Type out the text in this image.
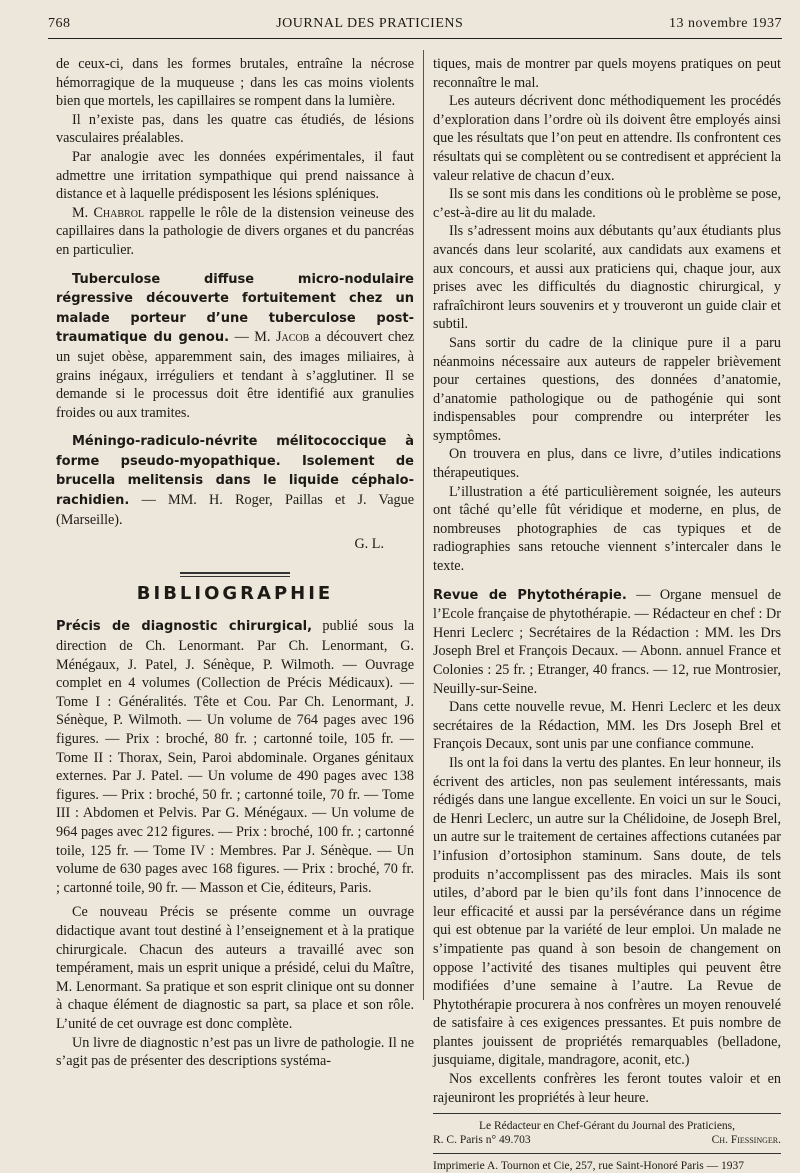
768	JOURNAL DES PRATICIENS	13 novembre 1937

de ceux-ci, dans les formes brutales, entraîne la nécrose hémorragique de la muqueuse ; dans les cas moins violents bien que mortels, les capillaires se rompent dans la lumière.

Il n’existe pas, dans les quatre cas étudiés, de lésions vasculaires préalables.

Par analogie avec les données expérimentales, il faut admettre une irritation sympathique qui prend naissance à distance et à laquelle prédisposent les lésions spléniques.

M. Chabrol rappelle le rôle de la distension veineuse des capillaires dans la pathologie de divers organes et du pancréas en particulier.

Tuberculose diffuse micro-nodulaire régressive découverte fortuitement chez un malade porteur d’une tuberculose post-traumatique du genou. — M. Jacob a découvert chez un sujet obèse, apparemment sain, des images miliaires, à grains inégaux, irréguliers et tendant à s’agglutiner. Il se demande si le processus doit être identifié aux granulies froides ou aux tramites.

Méningo-radiculo-névrite mélitococcique à forme pseudo-myopathique. Isolement de brucella melitensis dans le liquide céphalo-rachidien. — MM. H. Roger, Paillas et J. Vague (Marseille).

G. L.

BIBLIOGRAPHIE

Précis de diagnostic chirurgical, publié sous la direction de Ch. Lenormant. Par Ch. Lenormant, G. Ménégaux, J. Patel, J. Sénèque, P. Wilmoth. — Ouvrage complet en 4 volumes (Collection de Précis Médicaux). — Tome I : Généralités. Tête et Cou. Par Ch. Lenormant, J. Sénèque, P. Wilmoth. — Un volume de 764 pages avec 196 figures. — Prix : broché, 80 fr. ; cartonné toile, 105 fr. — Tome II : Thorax, Sein, Paroi abdominale. Organes génitaux externes. Par J. Patel. — Un volume de 490 pages avec 138 figures. — Prix : broché, 50 fr. ; cartonné toile, 70 fr. — Tome III : Abdomen et Pelvis. Par G. Ménégaux. — Un volume de 964 pages avec 212 figures. — Prix : broché, 100 fr. ; cartonné toile, 125 fr. — Tome IV : Membres. Par J. Sénèque. — Un volume de 630 pages avec 168 figures. — Prix : broché, 70 fr. ; cartonné toile, 90 fr. — Masson et Cie, éditeurs, Paris.

Ce nouveau Précis se présente comme un ouvrage didactique avant tout destiné à l’enseignement et à la pratique chirurgicale. Chacun des auteurs a travaillé avec son tempérament, mais un esprit unique a présidé, celui du Maître, M. Lenormant. Sa pratique et son esprit clinique ont su donner à chaque élément de diagnostic sa part, sa place et son rôle. L’unité de cet ouvrage est donc complète.

Un livre de diagnostic n’est pas un livre de pathologie. Il ne s’agit pas de présenter des descriptions systéma-

tiques, mais de montrer par quels moyens pratiques on peut reconnaître le mal.

Les auteurs décrivent donc méthodiquement les procédés d’exploration dans l’ordre où ils doivent être employés ainsi que les résultats que l’on peut en attendre. Ils confrontent ces résultats qui se complètent ou se contredisent et apprécient la valeur relative de chacun d’eux.

Ils se sont mis dans les conditions où le problème se pose, c’est-à-dire au lit du malade.

Ils s’adressent moins aux débutants qu’aux étudiants plus avancés dans leur scolarité, aux candidats aux examens et aux concours, et aussi aux praticiens qui, chaque jour, aux prises avec les difficultés du diagnostic chirurgical, y rafraîchiront leurs souvenirs et y trouveront un guide clair et subtil.

Sans sortir du cadre de la clinique pure il a paru néanmoins nécessaire aux auteurs de rappeler brièvement pour certaines questions, des données d’anatomie, d’anatomie pathologique ou de pathogénie qui sont indispensables pour comprendre ou interpréter les symptômes.

On trouvera en plus, dans ce livre, d’utiles indications thérapeutiques.

L’illustration a été particulièrement soignée, les auteurs ont tâché qu’elle fût véridique et moderne, en plus, de nombreuses photographies de cas typiques et de radiographies sans retouche viennent s’intercaler dans le texte.

Revue de Phytothérapie. — Organe mensuel de l’Ecole française de phytothérapie. — Rédacteur en chef : Dr Henri Leclerc ; Secrétaires de la Rédaction : MM. les Drs Joseph Brel et François Decaux. — Abonn. annuel France et Colonies : 25 fr. ; Etranger, 40 francs. — 12, rue Montrosier, Neuilly-sur-Seine.

Dans cette nouvelle revue, M. Henri Leclerc et les deux secrétaires de la Rédaction, MM. les Drs Joseph Brel et François Decaux, sont unis par une confiance commune.

Ils ont la foi dans la vertu des plantes. En leur honneur, ils écrivent des articles, non pas seulement intéressants, mais rédigés dans une langue excellente. En voici un sur le Souci, de Henri Leclerc, un autre sur la Chélidoine, de Joseph Brel, un autre sur le traitement de certaines affections cutanées par l’infusion d’ortosiphon staminum. Sans doute, de tels produits n’accomplissent pas des miracles. Mais ils sont utiles, d’abord par le bien qu’ils font dans l’innocence de leur efficacité et aussi par la persévérance dans un régime qui est obtenue par la variété de leur emploi. Un malade ne s’impatiente pas quand à son besoin de changement on oppose l’activité des tisanes multiples qui peuvent être modifiées d’une semaine à l’autre. La Revue de Phytothérapie procurera à nos confrères un moyen renouvelé de satisfaire à ces exigences pressantes. Et puis nombre de plantes jouissent de propriétés remarquables (belladone, jusquiame, digitale, mandragore, aconit, etc.)

Nos excellents confrères les feront toutes valoir et en rajeuniront les propriétés à leur heure.

Le Rédacteur en Chef-Gérant du Journal des Praticiens,
R. C. Paris n° 49.703	Ch. Fiessinger.
Imprimerie A. Tournon et Cie, 257, rue Saint-Honoré Paris — 1937
